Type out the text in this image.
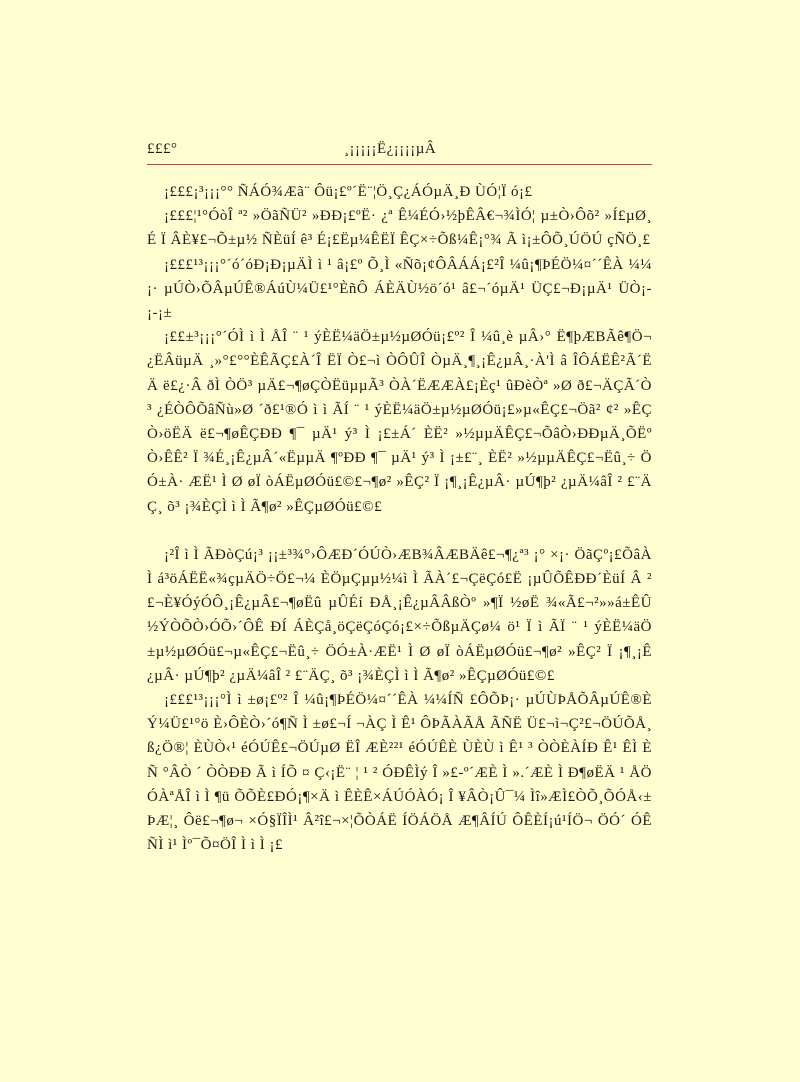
£££°	¸¡¡¡¡¡Ë¿¡¡¡¡µÂ

¡£££¡³¡¡¡°° ÑÁÓ¾Æã¨ Ôü¡£º´Ë¨¦Ö¸Ç¿ÁÓµÄ¸Ð ÙÓ¦Ï ó¡£

¡£££¦¹°ÓòÎ ª² »ÖãÑÜ² »ÐÐ¡£ºË· ¿ª Ê¼ÉÓ›½þÊÂ€¬¾ÌÓ¦ µ±Ò›Ôõ² »Í£µØ¸É Ï ÂÈ¥£¬Õ±µ½ ÑÈüÍ ê³ É¡£Ëµ¼ÊËÏ ÊÇ×÷Õß¼Ê¡°¾ Ã ì¡±ÔÕ¸ÚÖÚ çÑÖ¸£

¡£££¹³¡¡¡°´ó´óÐ¡Ð¡µÄÌ ì ¹ â¡£º Õ¸Ì «Ñõ¡¢ÔÂÁÁ¡£²Î ¼û¡¶ÞÉÖ¼¤´´ÊÀ ¼¼¡· µÚÒ›ÕÂµÚÊ®ÁúÙ¼Ü£¹°ÈñÔ ÁÈÄÙ½ö´ó¹ â£¬´óµÄ¹ ÜÇ£¬Ð¡µÄ¹ ÜÒ¡-¡-¡±

¡££±³¡¡¡°´ÓÌ ì Ì ÅÎ ¨ ¹ ýÈË¼äÖ±µ½µØÓü¡£º² Î ¼û¸è µÂ›° Ë¶þÆBÃê¶Ö¬¿ËÂüµÄ ¸»°£°°ÈÊÃÇ£À´Î ËÏ Ò£¬ì ÒÔÛÎ ÒµÄ¸¶¸¡Ê¿µÂ¸·À'Ì â ÎÔÁËÊ²Ã´ËÄ ë£¿·Â ðÌ ÒÖ³ µÄ£¬¶øÇÒËüµµÃ³ ÒÀ´ËÆÆÀ£¡Èç¹ ûÐèÒª »Ø ð£¬ÄÇÃ´Ò³ ¿ÉÒÔÕâÑù»Ø ´ð£¹®Ó ì ì ÃÍ ¨ ¹ ýÈË¼äÖ±µ½µØÓü¡£»µ«ÊÇ£¬Öã² ¢² »ÊÇÒ›öËÄ ë£¬¶øÊÇÐÐ ¶¯ µÄ¹ ý³ Ì ¡£±Á´ ÈË² »½µµÄÊÇ£¬ÕâÒ›ÐÐµÄ¸ÕËºÒ›ÊÊ² Ï ¾É¸¡Ê¿µÂ´«ËµµÄ ¶ºÐÐ ¶¯ µÄ¹ ý³ Ì ¡±£¨¸ ÈË² »½µµÄÊÇ£¬Ëû¸÷ ÖÓ±À· ÆË¹ Ì Ø øÏ òÁËµØÓü£©£¬¶ø² »ÊÇ² Ï ¡¶¸¡Ê¿µÂ· µÚ¶þ² ¿µÄ¼âÎ ² £¨ÄÇ¸ õ³ ¡¾ÈÇÌ ì Ì Ã¶ø² »ÊÇµØÓü£©£

¡²Î ì Ì ÃÐòÇú¡³ ¡¡±³¾°›ÔÆÐ´ÓÚÒ›ÆB¾ÂÆBÄê£¬¶¿ª³ ¡° ×¡· ÖãÇº¡£ÕâÀ Ì á³öÁËË«¾çµÄÖ÷Ö£¬¼ ÈÖµÇµµ½¼ì Ì ÃÀ´£¬ÇëÇó£Ë ¡µÛÕÊÐÐ´ÈüÍ Â ²£¬È¥ÓýÓÔ¸¡Ê¿µÂ£¬¶øËû µÛÉí ÐÅ¸¡Ê¿µÂÂßÒº »¶Ï ½øË ¾«Ã£¬²»»á±ÊÛ½ÝÒÕÒ›ÓÕ›´ÔÊ ÐÍ ÁÈÇå¸öÇëÇóÇó¡£×÷ÕßµÄÇø¼ ö¹ Ï ì ÃÏ ¨ ¹ ýÈË¼äÖ±µ½µØÓü£¬µ«ÊÇ£¬Ëû¸÷ ÖÓ±À·ÆË¹ Ì Ø øÏ òÁËµØÓü£¬¶ø² »ÊÇ² Ï ¡¶¸¡Ê¿µÂ· µÚ¶þ² ¿µÄ¼âÎ ² £¨ÄÇ¸ õ³ ¡¾ÈÇÌ ì Ì Ã¶ø² »ÊÇµØÓü£©£

¡£££¹³¡¡¡°Ì ì ±ø¡£º² Î ¼û¡¶ÞÉÖ¼¤´´ÊÀ ¼¼ÍÑ £ÔÕÞ¡· µÚÙÞÅÕÂµÚÊ®ÈÝ¼Ü£¹°ö È›ÔÈÒ›´ó¶Ñ Ì ±ø£¬Í ¬ÀÇ Ì Ê¹ ÔÞÃÀÃÅ ÃÑË Ü£¬ì¬Ç²£¬ÖÚÕÅ¸ ß¿Ö®¦ ÈÙÒ‹¹ éÓÚÊ£¬ÖÚµØ ËÎ ÆÈ²²¹ éÓÚÊÈ ÙÈÙ ì Ê¹ ³ ÒÒÈÀÍÐ Ê¹ ÊÌ ÈÑ °ÂÒ ´ ÒÒÐÐ Ã ì ÍÕ ¤ Ç‹¡Ë¨ ¦ ¹ ² ÓÐÊÌý Î »£-º´ÆÈ Ì ».´ÆÈ Ì Ð¶øËÄ ¹ ÅÖÓÀªÅÎ ì Ì ¶ü ÕÕÈ£ÐÓ¡¶×Ä ì ÊÈÊ×ÁÚÓÀÓ¡ Î ¥ÂÒ¡Û¯¼ Ìî»ÆÌ£ÒÕ¸ÕÓÅ‹± ÞÆ¦¸ Ôë£¬¶ø¬ ×Ó§ÏÎÌ¹ Â²î£¬×¦ÕÒÁË ÍÖÁÖÅ Æ¶ÂÍÚ ÔÊÈÍ¡ú¹ÍÖ¬ ÖÓ´ ÓÊÑÌ ì¹ Ìº¯Õ¤ÖÎ Ì ì Ì ¡£
